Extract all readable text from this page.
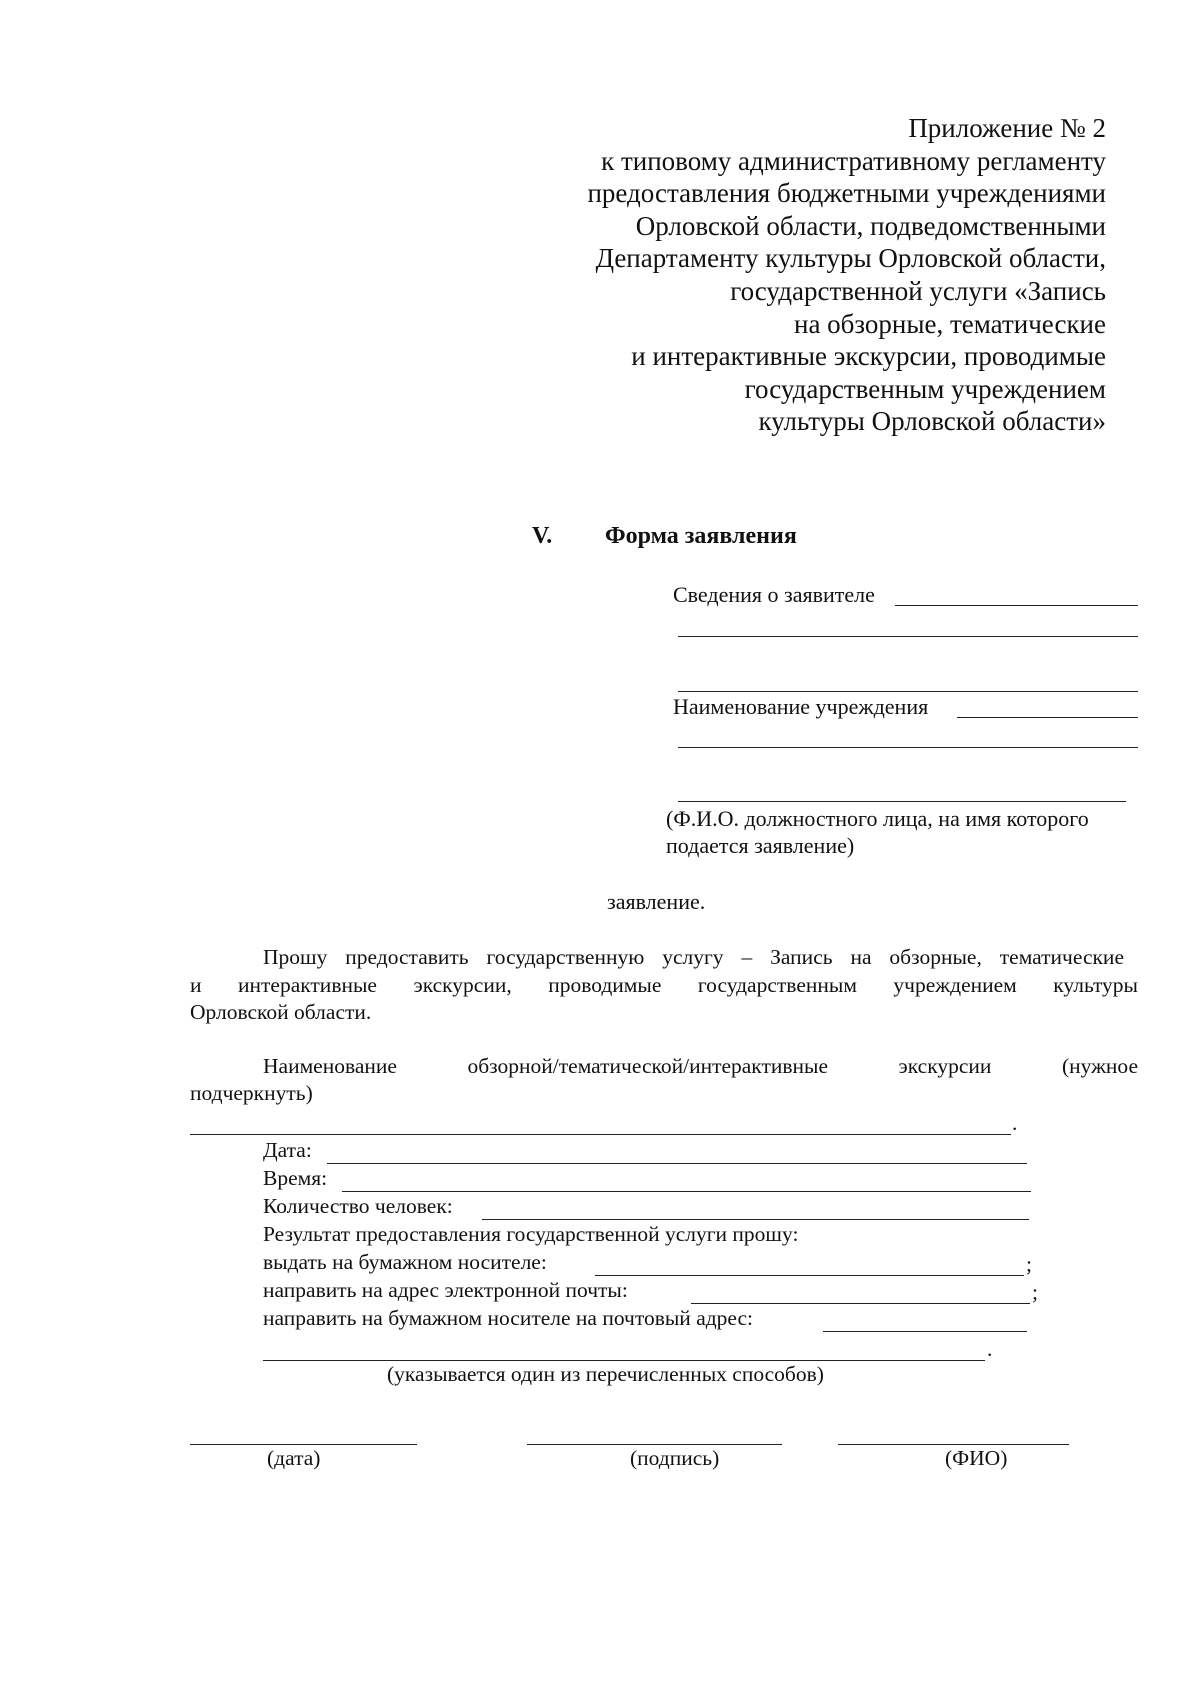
Приложение № 2
к типовому административному регламенту
предоставления бюджетными учреждениями
Орловской области, подведомственными
Департаменту культуры Орловской области,
государственной услуги «Запись
на обзорные, тематические
и интерактивные экскурсии, проводимые
государственным учреждением
культуры Орловской области»
V. Форма заявления
Сведения о заявителе
Наименование учреждения
(Ф.И.О. должностного лица, на имя которого
подается заявление)
заявление.
Прошу предоставить государственную услугу – Запись на обзорные, тематические
и интерактивные экскурсии, проводимые государственным учреждением культуры
Орловской области.
Наименование обзорной/тематической/интерактивные экскурсии (нужное
подчеркнуть)
.
Дата:
Время:
Количество человек:
Результат предоставления государственной услуги прошу:
выдать на бумажном носителе:	;
направить на адрес электронной почты:	;
направить на бумажном носителе на почтовый адрес:
.
(указывается один из перечисленных способов)
(дата)	(подпись)	(ФИО)
